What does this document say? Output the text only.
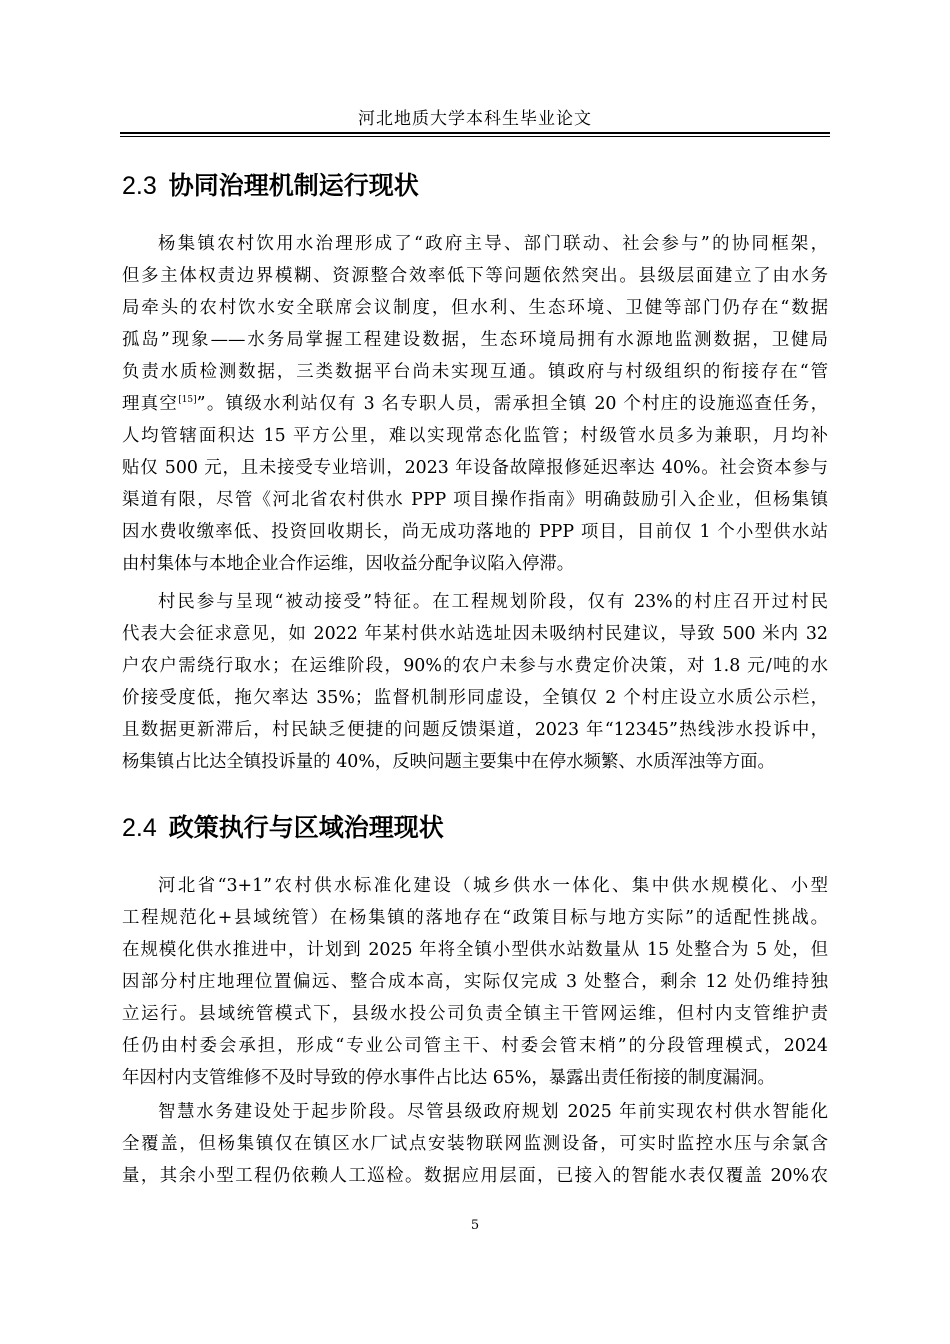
河北地质大学本科生毕业论文
2.3 协同治理机制运行现状
杨集镇农村饮用水治理形成了“政府主导、部门联动、社会参与”的协同框架，
但多主体权责边界模糊、资源整合效率低下等问题依然突出。县级层面建立了由水务
局牵头的农村饮水安全联席会议制度，但水利、生态环境、卫健等部门仍存在“数据
孤岛”现象——水务局掌握工程建设数据，生态环境局拥有水源地监测数据，卫健局
负责水质检测数据，三类数据平台尚未实现互通。镇政府与村级组织的衔接存在“管
理真空[15]”。镇级水利站仅有 3 名专职人员，需承担全镇 20 个村庄的设施巡查任务，
人均管辖面积达 15 平方公里，难以实现常态化监管；村级管水员多为兼职，月均补
贴仅 500 元，且未接受专业培训，2023 年设备故障报修延迟率达 40%。社会资本参与
渠道有限，尽管《河北省农村供水 PPP 项目操作指南》明确鼓励引入企业，但杨集镇
因水费收缴率低、投资回收期长，尚无成功落地的 PPP 项目，目前仅 1 个小型供水站
由村集体与本地企业合作运维，因收益分配争议陷入停滞。
村民参与呈现“被动接受”特征。在工程规划阶段，仅有 23%的村庄召开过村民
代表大会征求意见，如 2022 年某村供水站选址因未吸纳村民建议，导致 500 米内 32
户农户需绕行取水；在运维阶段，90%的农户未参与水费定价决策，对 1.8 元/吨的水
价接受度低，拖欠率达 35%；监督机制形同虚设，全镇仅 2 个村庄设立水质公示栏，
且数据更新滞后，村民缺乏便捷的问题反馈渠道，2023 年“12345”热线涉水投诉中，
杨集镇占比达全镇投诉量的 40%，反映问题主要集中在停水频繁、水质浑浊等方面。
2.4 政策执行与区域治理现状
河北省“3+1”农村供水标准化建设（城乡供水一体化、集中供水规模化、小型
工程规范化+县域统管）在杨集镇的落地存在“政策目标与地方实际”的适配性挑战。
在规模化供水推进中，计划到 2025 年将全镇小型供水站数量从 15 处整合为 5 处，但
因部分村庄地理位置偏远、整合成本高，实际仅完成 3 处整合，剩余 12 处仍维持独
立运行。县域统管模式下，县级水投公司负责全镇主干管网运维，但村内支管维护责
任仍由村委会承担，形成“专业公司管主干、村委会管末梢”的分段管理模式，2024
年因村内支管维修不及时导致的停水事件占比达 65%，暴露出责任衔接的制度漏洞。
智慧水务建设处于起步阶段。尽管县级政府规划 2025 年前实现农村供水智能化
全覆盖，但杨集镇仅在镇区水厂试点安装物联网监测设备，可实时监控水压与余氯含
量，其余小型工程仍依赖人工巡检。数据应用层面，已接入的智能水表仅覆盖 20%农
5
